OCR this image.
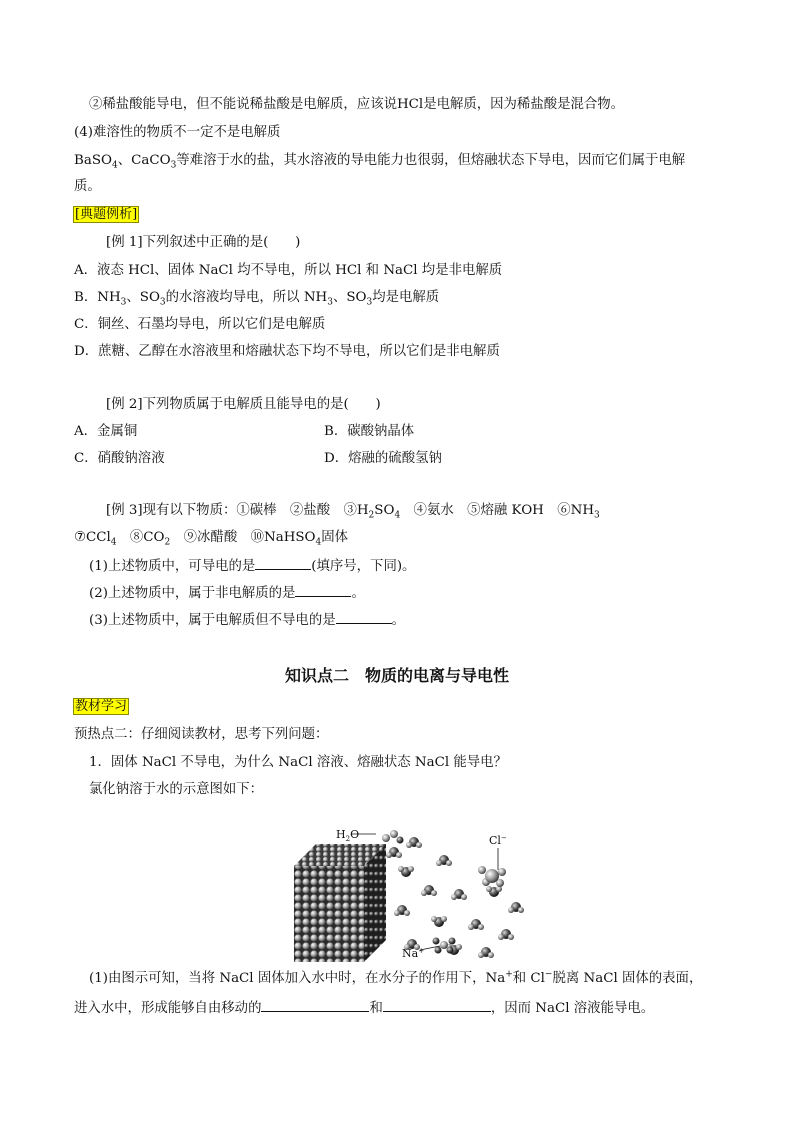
②稀盐酸能导电，但不能说稀盐酸是电解质，应该说HCl是电解质，因为稀盐酸是混合物。
(4)难溶性的物质不一定不是电解质
BaSO$_4$、CaCO$_3$等难溶于水的盐，其水溶液的导电能力也很弱，但熔融状态下导电，因而它们属于电解
质。
[典题例析]
[例 1]下列叙述中正确的是(　　)
A．液态 HCl、固体 NaCl 均不导电，所以 HCl 和 NaCl 均是非电解质
B．$NH_3$、$SO_3$的水溶液均导电，所以 $NH_3$、$SO_3$均是电解质
C．铜丝、石墨均导电，所以它们是电解质
D．蔗糖、乙醇在水溶液里和熔融状态下均不导电，所以它们是非电解质
[例 2]下列物质属于电解质且能导电的是(　　)
A．金属铜	B．碳酸钠晶体
C．硝酸钠溶液	D．熔融的硫酸氢钠
[例 3]现有以下物质：①碳棒　②盐酸　$③H_2SO_4$　④氨水　⑤熔融 KOH　$⑥NH_3$
⑦CCl$_4$　$⑧CO_2$　⑨冰醋酸　⑩NaHSO$_4$固体
(1)上述物质中，可导电的是	(填序号，下同)。
(2)上述物质中，属于非电解质的是	。
(3)上述物质中，属于电解质但不导电的是	。
知识点二　物质的电离与导电性
教材学习
预热点二：仔细阅读教材，思考下列问题：
1．固体 NaCl 不导电，为什么 NaCl 溶液、熔融状态 NaCl 能导电？
氯化钠溶于水的示意图如下：
$H_2O$	Cl−
Na+
(1)由图示可知，当将 NaCl 固体加入水中时，在水分子的作用下，Na+和 Cl−脱离 NaCl 固体的表面，
进入水中，形成能够自由移动的	和	，因而 NaCl 溶液能导电。
